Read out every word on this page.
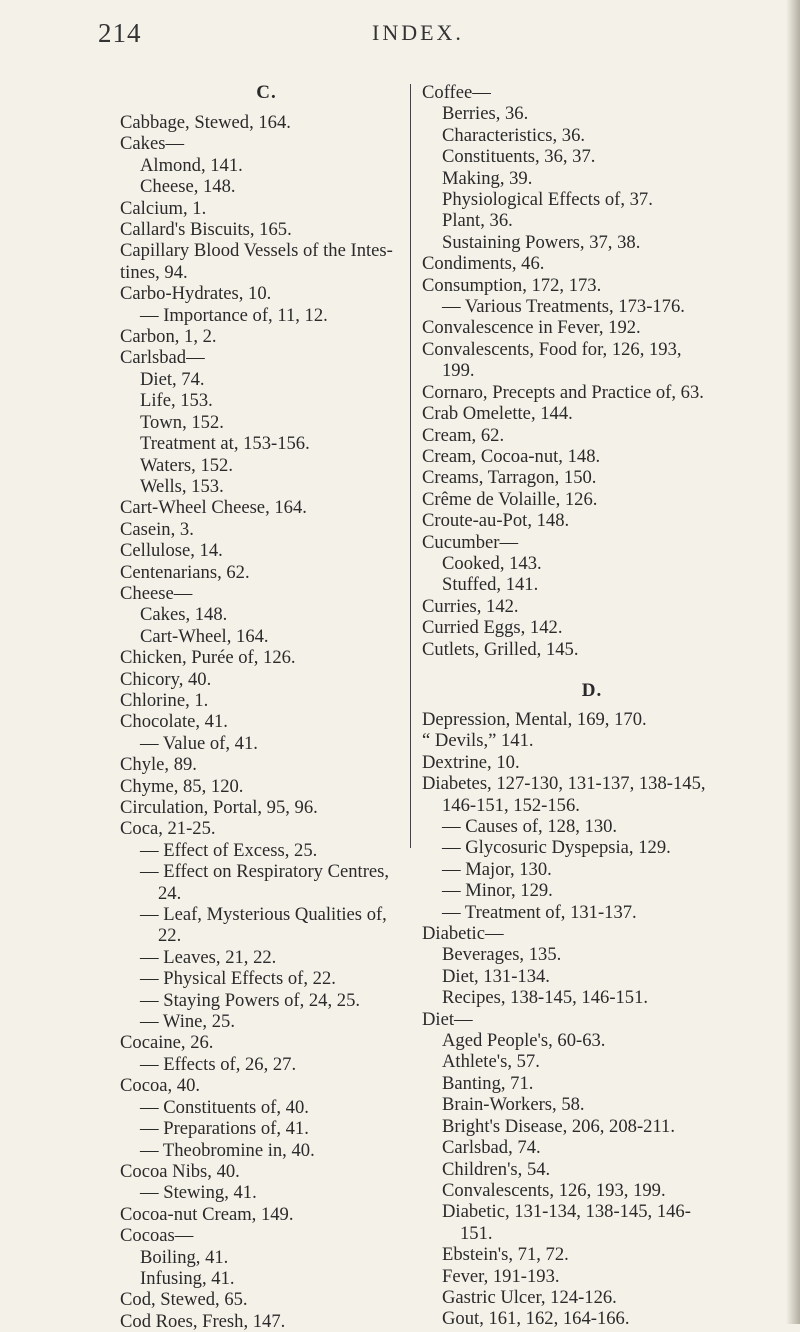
214	INDEX.
C.
Cabbage, Stewed, 164.
Cakes—
Almond, 141.
Cheese, 148.
Calcium, 1.
Callard's Biscuits, 165.
Capillary Blood Vessels of the Intes-
tines, 94.
Carbo-Hydrates, 10.
— Importance of, 11, 12.
Carbon, 1, 2.
Carlsbad—
Diet, 74.
Life, 153.
Town, 152.
Treatment at, 153-156.
Waters, 152.
Wells, 153.
Cart-Wheel Cheese, 164.
Casein, 3.
Cellulose, 14.
Centenarians, 62.
Cheese—
Cakes, 148.
Cart-Wheel, 164.
Chicken, Purée of, 126.
Chicory, 40.
Chlorine, 1.
Chocolate, 41.
— Value of, 41.
Chyle, 89.
Chyme, 85, 120.
Circulation, Portal, 95, 96.
Coca, 21-25.
— Effect of Excess, 25.
— Effect on Respiratory Centres,
24.
— Leaf, Mysterious Qualities of,
22.
— Leaves, 21, 22.
— Physical Effects of, 22.
— Staying Powers of, 24, 25.
— Wine, 25.
Cocaine, 26.
— Effects of, 26, 27.
Cocoa, 40.
— Constituents of, 40.
— Preparations of, 41.
— Theobromine in, 40.
Cocoa Nibs, 40.
— Stewing, 41.
Cocoa-nut Cream, 149.
Cocoas—
Boiling, 41.
Infusing, 41.
Cod, Stewed, 65.
Cod Roes, Fresh, 147.
Coffee—
Berries, 36.
Characteristics, 36.
Constituents, 36, 37.
Making, 39.
Physiological Effects of, 37.
Plant, 36.
Sustaining Powers, 37, 38.
Condiments, 46.
Consumption, 172, 173.
— Various Treatments, 173-176.
Convalescence in Fever, 192.
Convalescents, Food for, 126, 193,
199.
Cornaro, Precepts and Practice of, 63.
Crab Omelette, 144.
Cream, 62.
Cream, Cocoa-nut, 148.
Creams, Tarragon, 150.
Crême de Volaille, 126.
Croute-au-Pot, 148.
Cucumber—
Cooked, 143.
Stuffed, 141.
Curries, 142.
Curried Eggs, 142.
Cutlets, Grilled, 145.
D.
Depression, Mental, 169, 170.
“ Devils,” 141.
Dextrine, 10.
Diabetes, 127-130, 131-137, 138-145,
146-151, 152-156.
— Causes of, 128, 130.
— Glycosuric Dyspepsia, 129.
— Major, 130.
— Minor, 129.
— Treatment of, 131-137.
Diabetic—
Beverages, 135.
Diet, 131-134.
Recipes, 138-145, 146-151.
Diet—
Aged People's, 60-63.
Athlete's, 57.
Banting, 71.
Brain-Workers, 58.
Bright's Disease, 206, 208-211.
Carlsbad, 74.
Children's, 54.
Convalescents, 126, 193, 199.
Diabetic, 131-134, 138-145, 146-
151.
Ebstein's, 71, 72.
Fever, 191-193.
Gastric Ulcer, 124-126.
Gout, 161, 162, 164-166.
